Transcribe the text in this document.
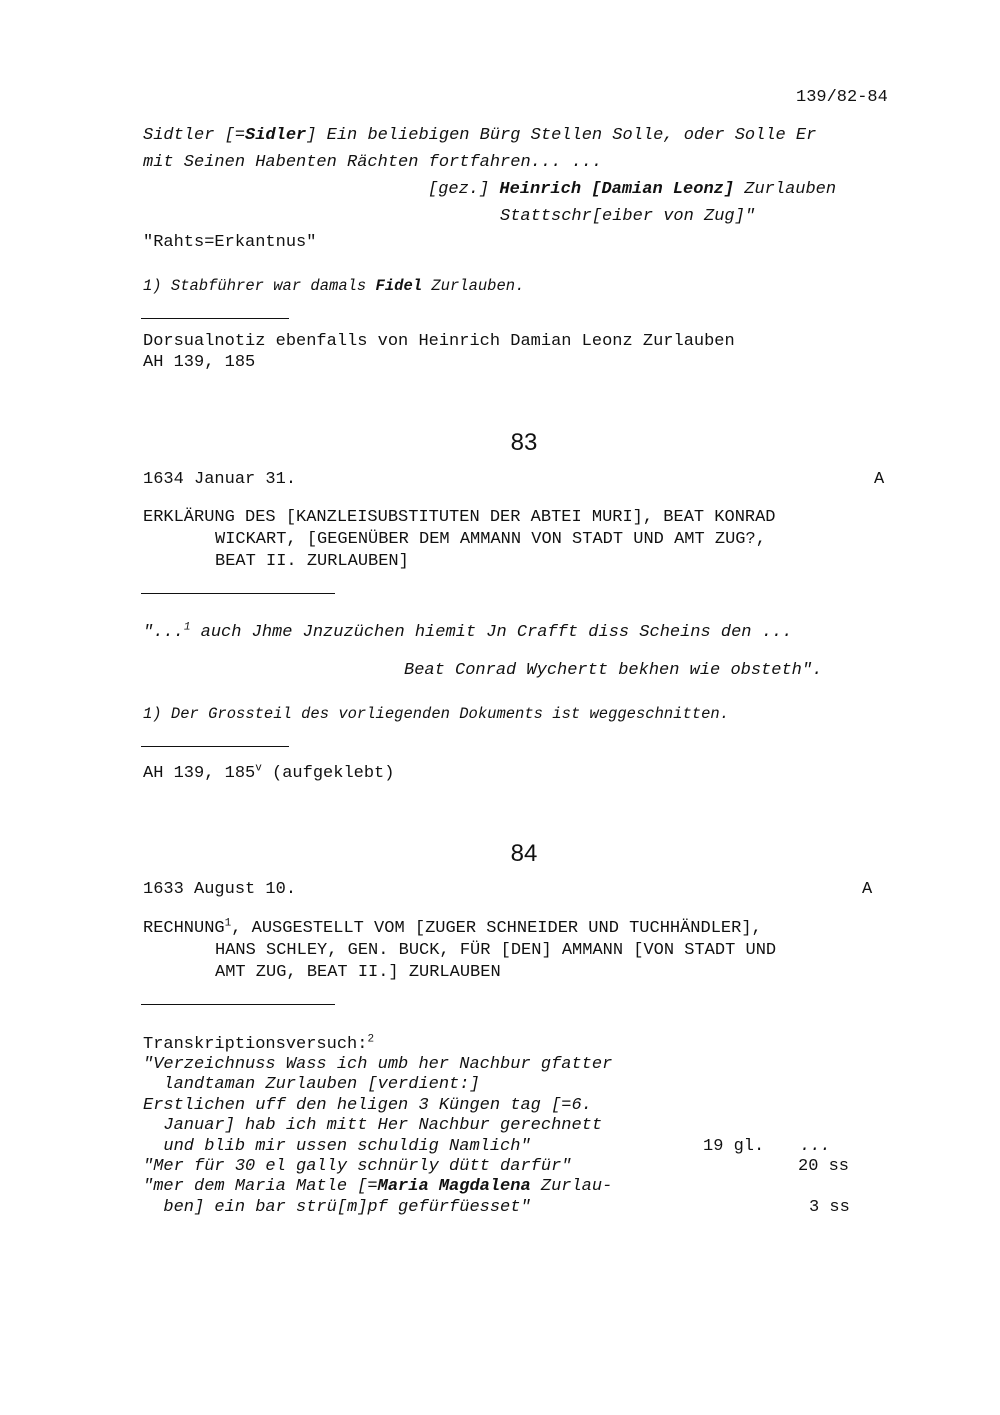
139/82-84
Sidtler [=Sidler] Ein beliebigen Bürg Stellen Solle, oder Solle Er
mit Seinen Habenten Rächten fortfahren... ...
[gez.] Heinrich [Damian Leonz] Zurlauben
Stattschr[eiber von Zug]"
"Rahts=Erkantnus"
1) Stabführer war damals Fidel Zurlauben.
Dorsualnotiz ebenfalls von Heinrich Damian Leonz Zurlauben
AH 139, 185
83
1634 Januar 31.	A
ERKLÄRUNG DES [KANZLEISUBSTITUTEN DER ABTEI MURI], BEAT KONRAD
WICKART, [GEGENÜBER DEM AMMANN VON STADT UND AMT ZUG?,
BEAT II. ZURLAUBEN]
"...$^1$ auch Jhme Jnzuzüchen hiemit Jn Crafft diss Scheins den ...
Beat Conrad Wychertt bekhen wie obsteth".
1) Der Grossteil des vorliegenden Dokuments ist weggeschnitten.
AH 139, 185$^v$ (aufgeklebt)
84
1633 August 10.	A
RECHNUNG$^1$, AUSGESTELLT VOM [ZUGER SCHNEIDER UND TUCHHÄNDLER],
HANS SCHLEY, GEN. BUCK, FÜR [DEN] AMMANN [VON STADT UND
AMT ZUG, BEAT II.] ZURLAUBEN
Transkriptionsversuch:$^2$
"Verzeichnuss Wass ich umb her Nachbur gfatter
landtaman Zurlauben [verdient:]
Erstlichen uff den heligen 3 Küngen tag [=6.
Januar] hab ich mitt Her Nachbur gerechnett
und blib mir ussen schuldig Namlich"
"Mer für 30 el gally schnürly dütt darfür"
"mer dem Maria Matle [=Maria Magdalena Zurlau-
ben] ein bar strü[m]pf gefürfüesset"
19 gl. ...
20 ss
3 ss
